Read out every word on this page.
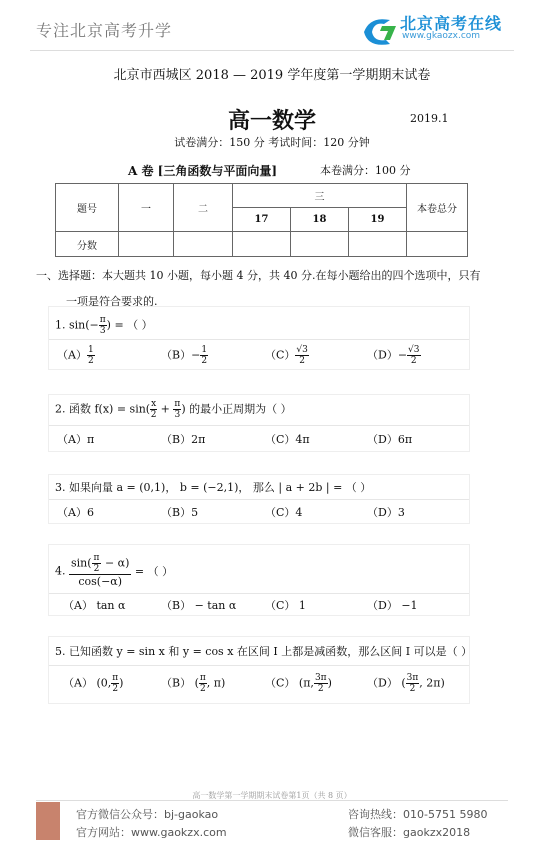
专注北京高考升学	北京高考在线
www.gkaozx.com
北京市西城区 2018 — 2019 学年度第一学期期末试卷
高一数学	2019.1
试卷满分：150 分 考试时间：120 分钟
A 卷 [三角函数与平面向量]	本卷满分：100 分
题号	一	二	三			本卷总分
			17	18	19	
分数						
一、选择题：本大题共 10 小题，每小题 4 分，共 40 分.在每小题给出的四个选项中，只有
一项是符合要求的.
1. $\sin(- \frac{\pi}{3}$ ) = （ ）
$(A) \frac{1}{2}$	$(B)- \frac{1}{2}$	$(C) \frac{√3}{2}$	$(D)- \frac{√3}{2}$
2. 函数 $f(x) = \sin( \frac{x}{2} + \frac{\pi}{3}$ ) 的最小正周期为（ ）
（A）π	（B）2π	（C）4π	（D）6π
3. 如果向量 a = (0,1)， b = (−2,1)， 那么 | a + 2b | = （ ）
（A）6	（B）5	（C）4	（D）3
4. $\frac{\sin( \frac{\pi}{2} - \alpha)}{\cos(-\alpha)}$ = （ ）
（A） tan α	（B） − tan α	（C） 1	（D） −1
5. 已知函数 y = sin x 和 y = cos x 在区间 I 上都是减函数，那么区间 I 可以是（ ）
（A） (0, $\frac{\pi}{2}$ )	（B） ( $\frac{\pi}{2}$ , π)	（C） (π, $\frac{3\pi}{2}$ )	（D） ( $\frac{3\pi}{2}$ , 2π)
高一数学第一学期期末试卷第1页（共 8 页）
官方微信公众号：bj-gaokao
官方网站：www.gaokzx.com
咨询热线：010-5751 5980
微信客服：gaokzx2018
